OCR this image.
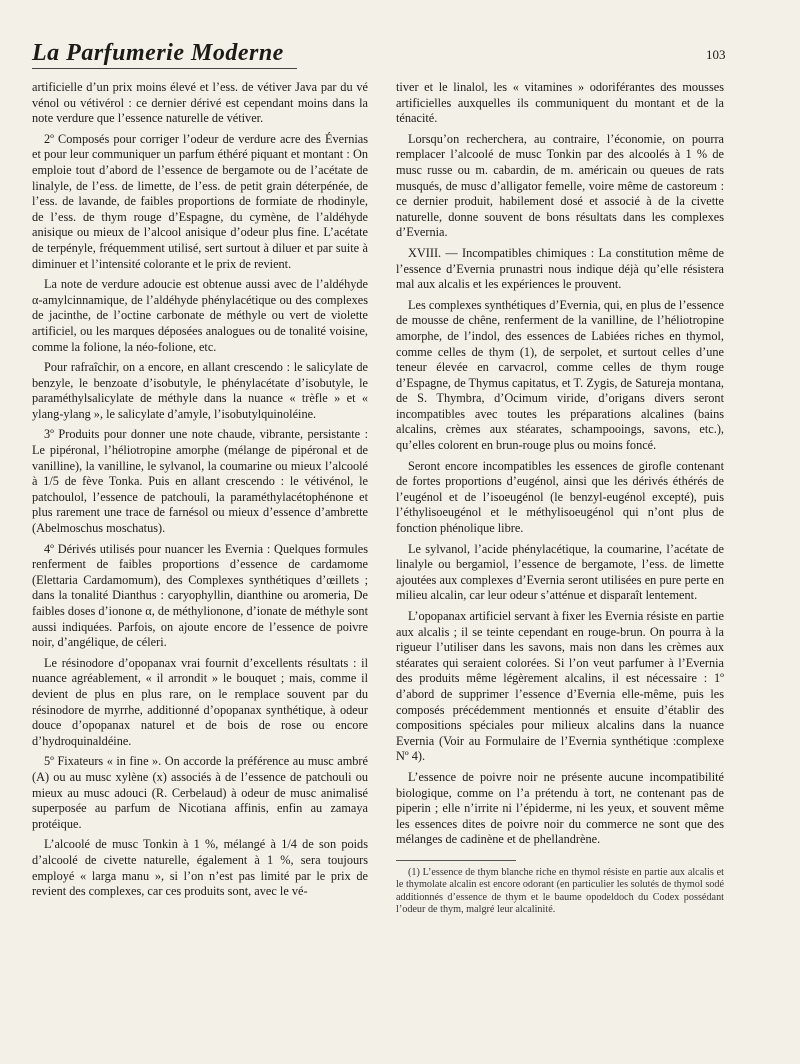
La Parfumerie Moderne	103

artificielle d’un prix moins élevé et l’ess. de vétiver Java par du vé vénol ou vétivérol : ce dernier dérivé est cependant moins dans la note verdure que l’essence naturelle de vétiver.

2º Composés pour corriger l’odeur de verdure acre des Évernias et pour leur communiquer un parfum éthéré piquant et montant : On emploie tout d’abord de l’essence de bergamote ou de l’acétate de linalyle, de l’ess. de limette, de l’ess. de petit grain déterpénée, de l’ess. de lavande, de faibles proportions de formiate de rhodinyle, de l’ess. de thym rouge d’Espagne, du cymène, de l’aldéhyde anisique ou mieux de l’alcool anisique d’odeur plus fine. L’acétate de terpényle, fréquemment utilisé, sert surtout à diluer et par suite à diminuer et l’intensité colorante et le prix de revient.

La note de verdure adoucie est obtenue aussi avec de l’aldéhyde α-amylcinnamique, de l’aldéhyde phénylacétique ou des complexes de jacinthe, de l’octine carbonate de méthyle ou vert de violette artificiel, ou les marques déposées analogues ou de tonalité voisine, comme la folione, la néo-folione, etc.

Pour rafraîchir, on a encore, en allant crescendo : le salicylate de benzyle, le benzoate d’isobutyle, le phénylacétate d’isobutyle, le paraméthylsalicylate de méthyle dans la nuance « trèfle » et « ylang-ylang », le salicylate d’amyle, l’isobutylquinoléine.

3º Produits pour donner une note chaude, vibrante, persistante : Le pipéronal, l’héliotropine amorphe (mélange de pipéronal et de vanilline), la vanilline, le sylvanol, la coumarine ou mieux l’alcoolé à 1/5 de fève Tonka. Puis en allant crescendo : le vétivénol, le patchoulol, l’essence de patchouli, la paraméthylacétophénone et plus rarement une trace de farnésol ou mieux d’essence d’ambrette (Abelmoschus moschatus).

4º Dérivés utilisés pour nuancer les Evernia : Quelques formules renferment de faibles proportions d’essence de cardamome (Elettaria Cardamomum), des Complexes synthétiques d’œillets ; dans la tonalité Dianthus : caryophyllin, dianthine ou aromeria, De faibles doses d’ionone α, de méthylionone, d’ionate de méthyle sont aussi indiquées. Parfois, on ajoute encore de l’essence de poivre noir, d’angélique, de céleri.

Le résinodore d’opopanax vrai fournit d’excellents résultats : il nuance agréablement, « il arrondit » le bouquet ; mais, comme il devient de plus en plus rare, on le remplace souvent par du résinodore de myrrhe, additionné d’opopanax synthétique, à odeur douce d’opopanax naturel et de bois de rose ou encore d’hydroquinaldéine.

5º Fixateurs « in fine ». On accorde la préférence au musc ambré (A) ou au musc xylène (x) associés à de l’essence de patchouli ou mieux au musc adouci (R. Cerbelaud) à odeur de musc animalisé superposée au parfum de Nicotiana affinis, enfin au zamaya protéique.

L’alcoolé de musc Tonkin à 1 %, mélangé à 1/4 de son poids d’alcoolé de civette naturelle, également à 1 %, sera toujours employé « larga manu », si l’on n’est pas limité par le prix de revient des complexes, car ces produits sont, avec le vé-

tiver et le linalol, les « vitamines » odoriférantes des mousses artificielles auxquelles ils communiquent du montant et de la ténacité.

Lorsqu’on recherchera, au contraire, l’économie, on pourra remplacer l’alcoolé de musc Tonkin par des alcoolés à 1 % de musc russe ou m. cabardin, de m. américain ou queues de rats musqués, de musc d’alligator femelle, voire même de castoreum : ce dernier produit, habilement dosé et associé à de la civette naturelle, donne souvent de bons résultats dans les complexes d’Evernia.

XVIII. — Incompatibles chimiques : La constitution même de l’essence d’Evernia prunastri nous indique déjà qu’elle résistera mal aux alcalis et les expériences le prouvent.

Les complexes synthétiques d’Evernia, qui, en plus de l’essence de mousse de chêne, renferment de la vanilline, de l’héliotropine amorphe, de l’indol, des essences de Labiées riches en thymol, comme celles de thym (1), de serpolet, et surtout celles d’une teneur élevée en carvacrol, comme celles de thym rouge d’Espagne, de Thymus capitatus, et T. Zygis, de Satureja montana, de S. Thymbra, d’Ocimum viride, d’origans divers seront incompatibles avec toutes les préparations alcalines (bains alcalins, crèmes aux stéarates, schampooings, savons, etc.), qu’elles colorent en brun-rouge plus ou moins foncé.

Seront encore incompatibles les essences de girofle contenant de fortes proportions d’eugénol, ainsi que les dérivés éthérés de l’eugénol et de l’isoeugénol (le benzyl-eugénol excepté), puis l’éthylisoeugénol et le méthylisoeugénol qui n’ont plus de fonction phénolique libre.

Le sylvanol, l’acide phénylacétique, la coumarine, l’acétate de linalyle ou bergamiol, l’essence de bergamote, l’ess. de limette ajoutées aux complexes d’Evernia seront utilisées en pure perte en milieu alcalin, car leur odeur s’atténue et disparaît lentement.

L’opopanax artificiel servant à fixer les Evernia résiste en partie aux alcalis ; il se teinte cependant en rouge-brun. On pourra à la rigueur l’utiliser dans les savons, mais non dans les crèmes aux stéarates qui seraient colorées. Si l’on veut parfumer à l’Evernia des produits même légèrement alcalins, il est nécessaire : 1º d’abord de supprimer l’essence d’Evernia elle-même, puis les composés précédemment mentionnés et ensuite d’établir des compositions spéciales pour milieux alcalins dans la nuance Evernia (Voir au Formulaire de l’Evernia synthétique :complexe Nº 4).

L’essence de poivre noir ne présente aucune incompatibilité biologique, comme on l’a prétendu à tort, ne contenant pas de piperin ; elle n’irrite ni l’épiderme, ni les yeux, et souvent même les essences dites de poivre noir du commerce ne sont que des mélanges de cadinène et de phellandrène.

(1) L’essence de thym blanche riche en thymol résiste en partie aux alcalis et le thymolate alcalin est encore odorant (en particulier les solutés de thymol sodé additionnés d’essence de thym et le baume opodeldoch du Codex possédant l’odeur de thym, malgré leur alcalinité.
